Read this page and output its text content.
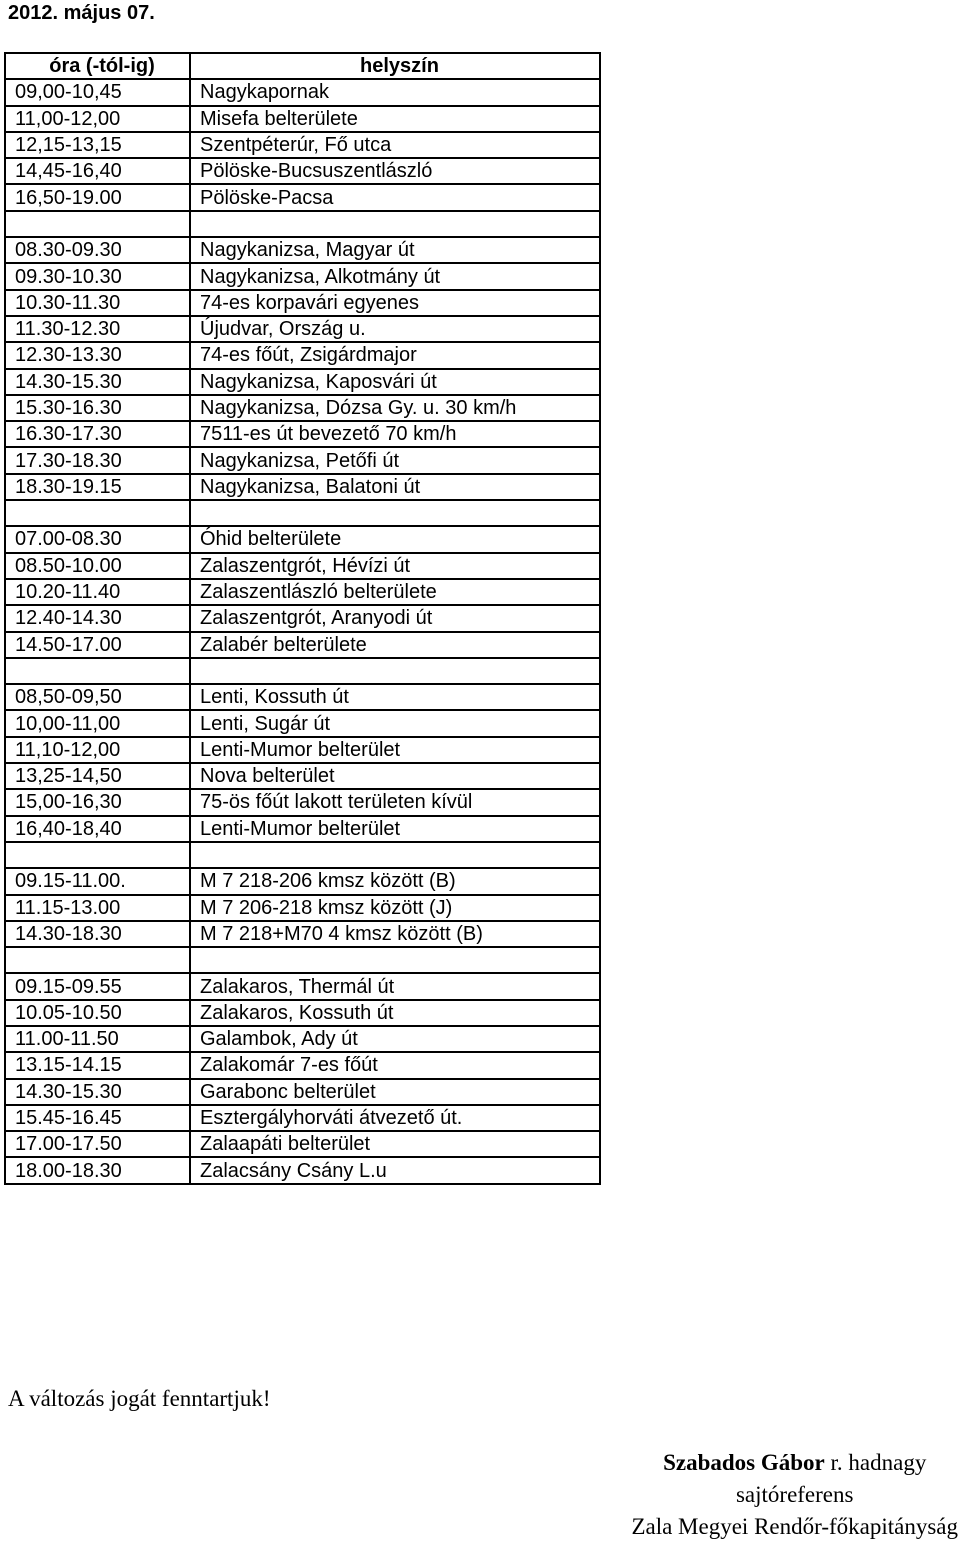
2012. május 07.
óra (-tól-ig)	helyszín
09,00-10,45	Nagykapornak
11,00-12,00	Misefa belterülete
12,15-13,15	Szentpéterúr, Fő utca
14,45-16,40	Pölöske-Bucsuszentlászló
16,50-19.00	Pölöske-Pacsa

08.30-09.30	Nagykanizsa, Magyar út
09.30-10.30	Nagykanizsa, Alkotmány út
10.30-11.30	74-es korpavári egyenes
11.30-12.30	Újudvar, Ország u.
12.30-13.30	74-es főút, Zsigárdmajor
14.30-15.30	Nagykanizsa, Kaposvári út
15.30-16.30	Nagykanizsa, Dózsa Gy. u. 30 km/h
16.30-17.30	7511-es út bevezető 70 km/h
17.30-18.30	Nagykanizsa, Petőfi út
18.30-19.15	Nagykanizsa, Balatoni út

07.00-08.30	Óhid belterülete
08.50-10.00	Zalaszentgrót, Hévízi út
10.20-11.40	Zalaszentlászló belterülete
12.40-14.30	Zalaszentgrót, Aranyodi út
14.50-17.00	Zalabér belterülete

08,50-09,50	Lenti, Kossuth út
10,00-11,00	Lenti, Sugár út
11,10-12,00	Lenti-Mumor belterület
13,25-14,50	Nova belterület
15,00-16,30	75-ös főút lakott területen kívül
16,40-18,40	Lenti-Mumor belterület

09.15-11.00.	M 7 218-206 kmsz között (B)
11.15-13.00	M 7 206-218 kmsz között (J)
14.30-18.30	M 7 218+M70 4 kmsz között (B)

09.15-09.55	Zalakaros, Thermál út
10.05-10.50	Zalakaros, Kossuth út
11.00-11.50	Galambok, Ady út
13.15-14.15	Zalakomár 7-es főút
14.30-15.30	Garabonc belterület
15.45-16.45	Esztergályhorváti átvezető út.
17.00-17.50	Zalaapáti belterület
18.00-18.30	Zalacsány Csány L.u
A változás jogát fenntartjuk!
Szabados Gábor r. hadnagy
sajtóreferens
Zala Megyei Rendőr-főkapitányság
